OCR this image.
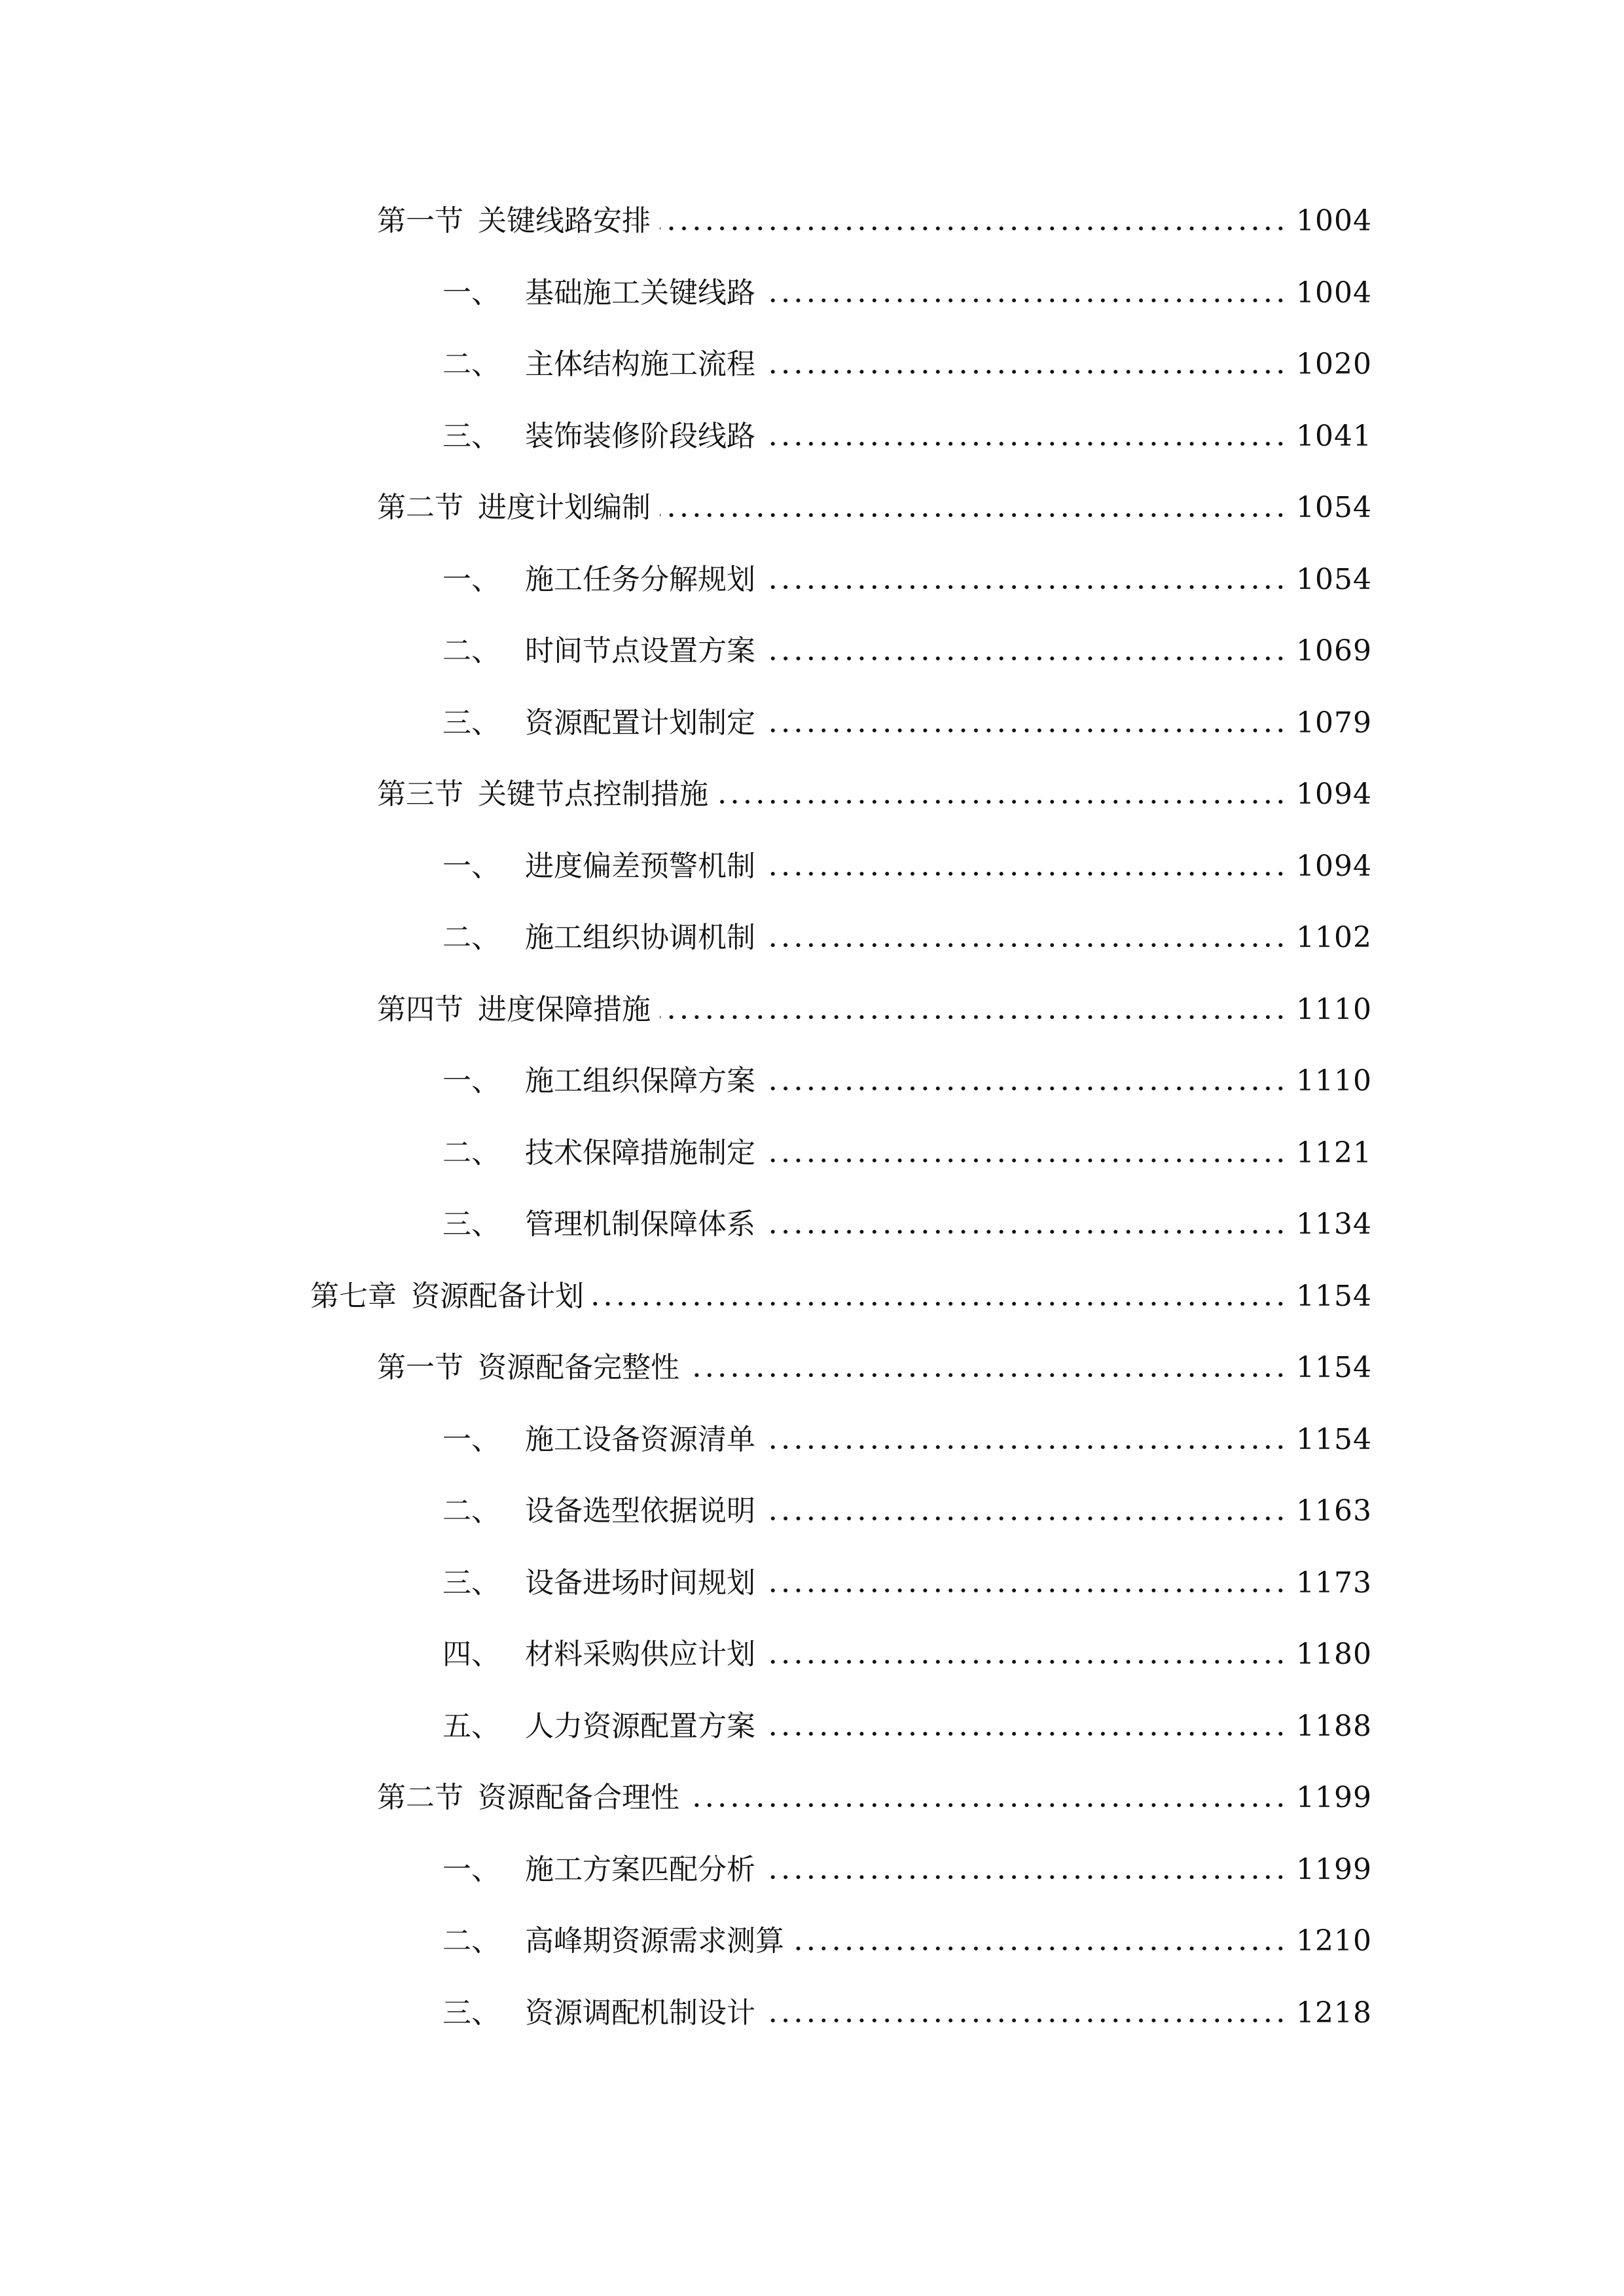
第一节 关键线路安排	1004
一、 基础施工关键线路	1004
二、 主体结构施工流程	1020
三、 装饰装修阶段线路	1041
第二节 进度计划编制	1054
一、 施工任务分解规划	1054
二、 时间节点设置方案	1069
三、 资源配置计划制定	1079
第三节 关键节点控制措施	1094
一、 进度偏差预警机制	1094
二、 施工组织协调机制	1102
第四节 进度保障措施	1110
一、 施工组织保障方案	1110
二、 技术保障措施制定	1121
三、 管理机制保障体系	1134
第七章 资源配备计划	1154
第一节 资源配备完整性	1154
一、 施工设备资源清单	1154
二、 设备选型依据说明	1163
三、 设备进场时间规划	1173
四、 材料采购供应计划	1180
五、 人力资源配置方案	1188
第二节 资源配备合理性	1199
一、 施工方案匹配分析	1199
二、 高峰期资源需求测算	1210
三、 资源调配机制设计	1218
